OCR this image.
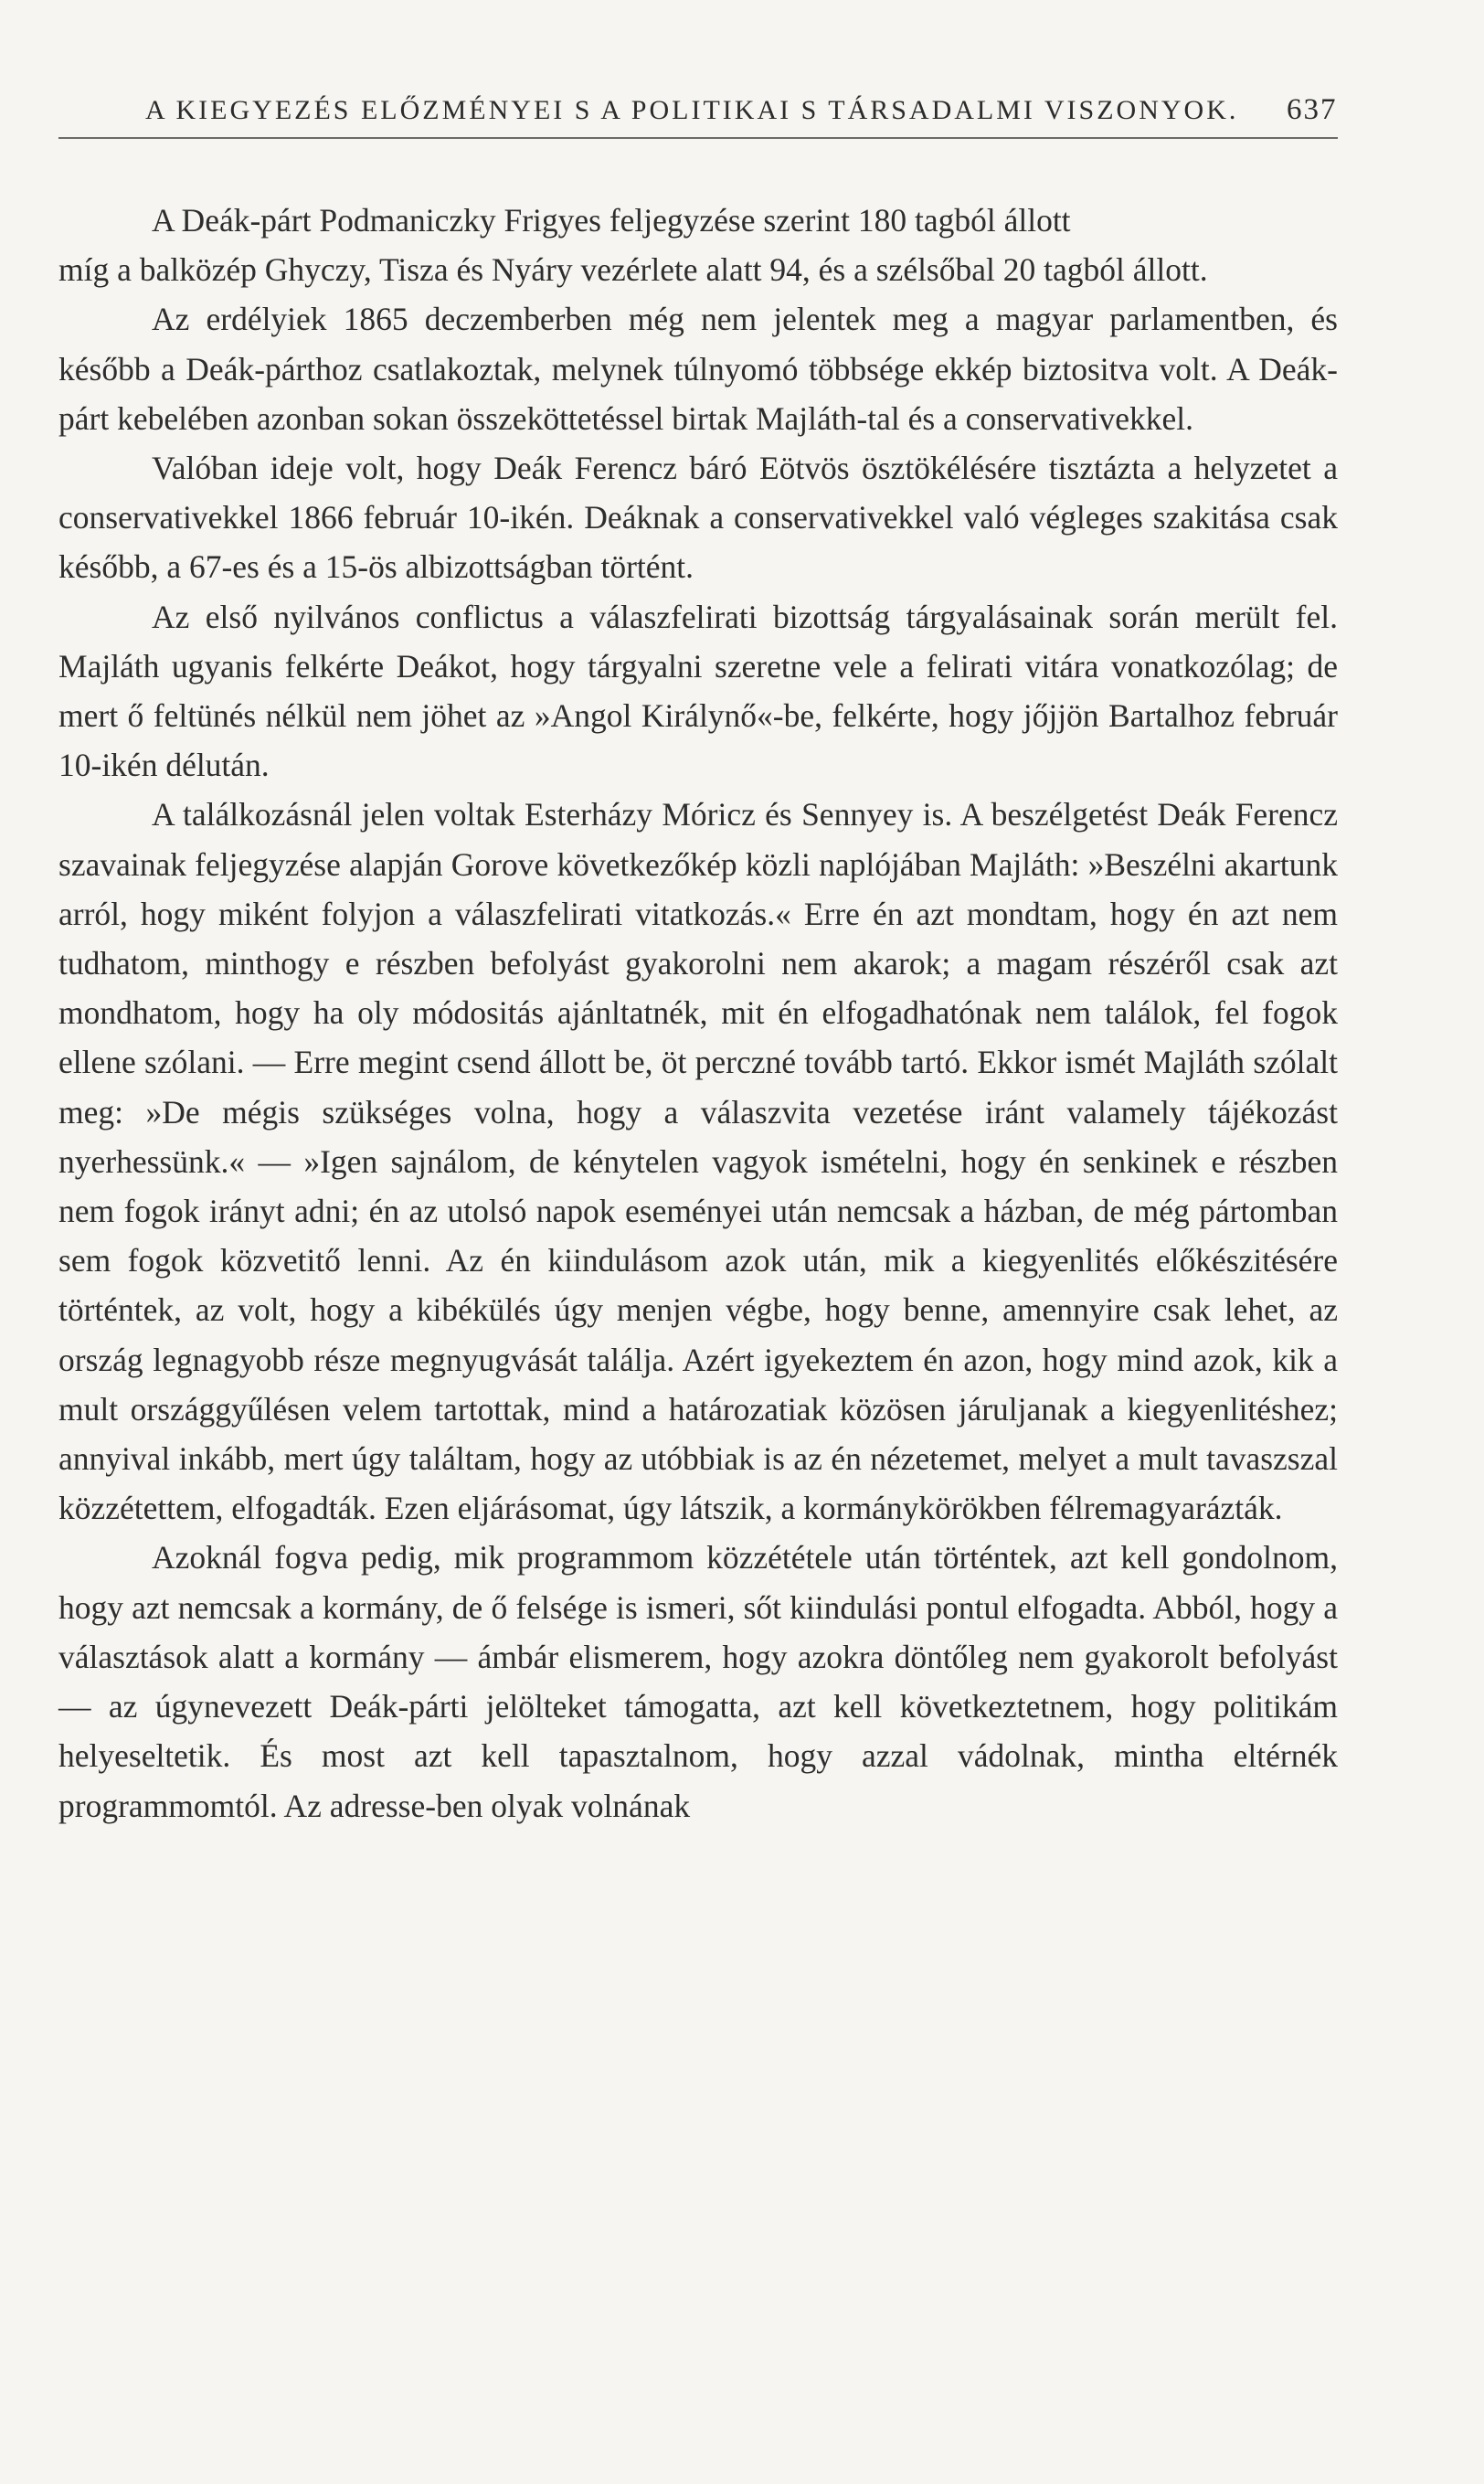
A KIEGYEZÉS ELŐZMÉNYEI S A POLITIKAI S TÁRSADALMI VISZONYOK. 637

A Deák-párt Podmaniczky Frigyes feljegyzése szerint 180 tagból állott

míg a balközép Ghyczy, Tisza és Nyáry vezérlete alatt 94, és a szélsőbal 20 tagból állott.

Az erdélyiek 1865 deczemberben még nem jelentek meg a magyar parlamentben, és később a Deák-párthoz csatlakoztak, melynek túlnyomó többsége ekkép biztositva volt. A Deák-párt kebelében azonban sokan összeköttetéssel birtak Majláth-tal és a conservativekkel.

Valóban ideje volt, hogy Deák Ferencz báró Eötvös ösztökélésére tisztázta a helyzetet a conservativekkel 1866 február 10-ikén. Deáknak a conservativekkel való végleges szakitása csak később, a 67-es és a 15-ös albizottságban történt.

Az első nyilvános conflictus a válaszfelirati bizottság tárgyalásainak során merült fel. Majláth ugyanis felkérte Deákot, hogy tárgyalni szeretne vele a felirati vitára vonatkozólag; de mert ő feltünés nélkül nem jöhet az »Angol Királynő«-be, felkérte, hogy jőjjön Bartalhoz február 10-ikén délután.

A találkozásnál jelen voltak Esterházy Móricz és Sennyey is. A beszélgetést Deák Ferencz szavainak feljegyzése alapján Gorove következőkép közli naplójában Majláth: »Beszélni akartunk arról, hogy miként folyjon a válaszfelirati vitatkozás.« Erre én azt mondtam, hogy én azt nem tudhatom, minthogy e részben befolyást gyakorolni nem akarok; a magam részéről csak azt mondhatom, hogy ha oly módositás ajánltatnék, mit én elfogadhatónak nem találok, fel fogok ellene szólani. — Erre megint csend állott be, öt perczné tovább tartó. Ekkor ismét Majláth szólalt meg: »De mégis szükséges volna, hogy a válaszvita vezetése iránt valamely tájékozást nyerhessünk.« — »Igen sajnálom, de kénytelen vagyok ismételni, hogy én senkinek e részben nem fogok irányt adni; én az utolsó napok eseményei után nemcsak a házban, de még pártomban sem fogok közvetitő lenni. Az én kiindulásom azok után, mik a kiegyenlités előkészitésére történtek, az volt, hogy a kibékülés úgy menjen végbe, hogy benne, amennyire csak lehet, az ország legnagyobb része megnyugvását találja. Azért igyekeztem én azon, hogy mind azok, kik a mult országgyűlésen velem tartottak, mind a határozatiak közösen járuljanak a kiegyenlitéshez; annyival inkább, mert úgy találtam, hogy az utóbbiak is az én nézetemet, melyet a mult tavaszszal közzétettem, elfogadták. Ezen eljárásomat, úgy látszik, a kormánykörökben félremagyarázták.

Azoknál fogva pedig, mik programmom közzététele után történtek, azt kell gondolnom, hogy azt nemcsak a kormány, de ő felsége is ismeri, sőt kiindulási pontul elfogadta. Abból, hogy a választások alatt a kormány — ámbár elismerem, hogy azokra döntőleg nem gyakorolt befolyást — az úgynevezett Deák-párti jelölteket támogatta, azt kell következtetnem, hogy politikám helyeseltetik. És most azt kell tapasztalnom, hogy azzal vádolnak, mintha eltérnék programmomtól. Az adresse-ben olyak volnának
